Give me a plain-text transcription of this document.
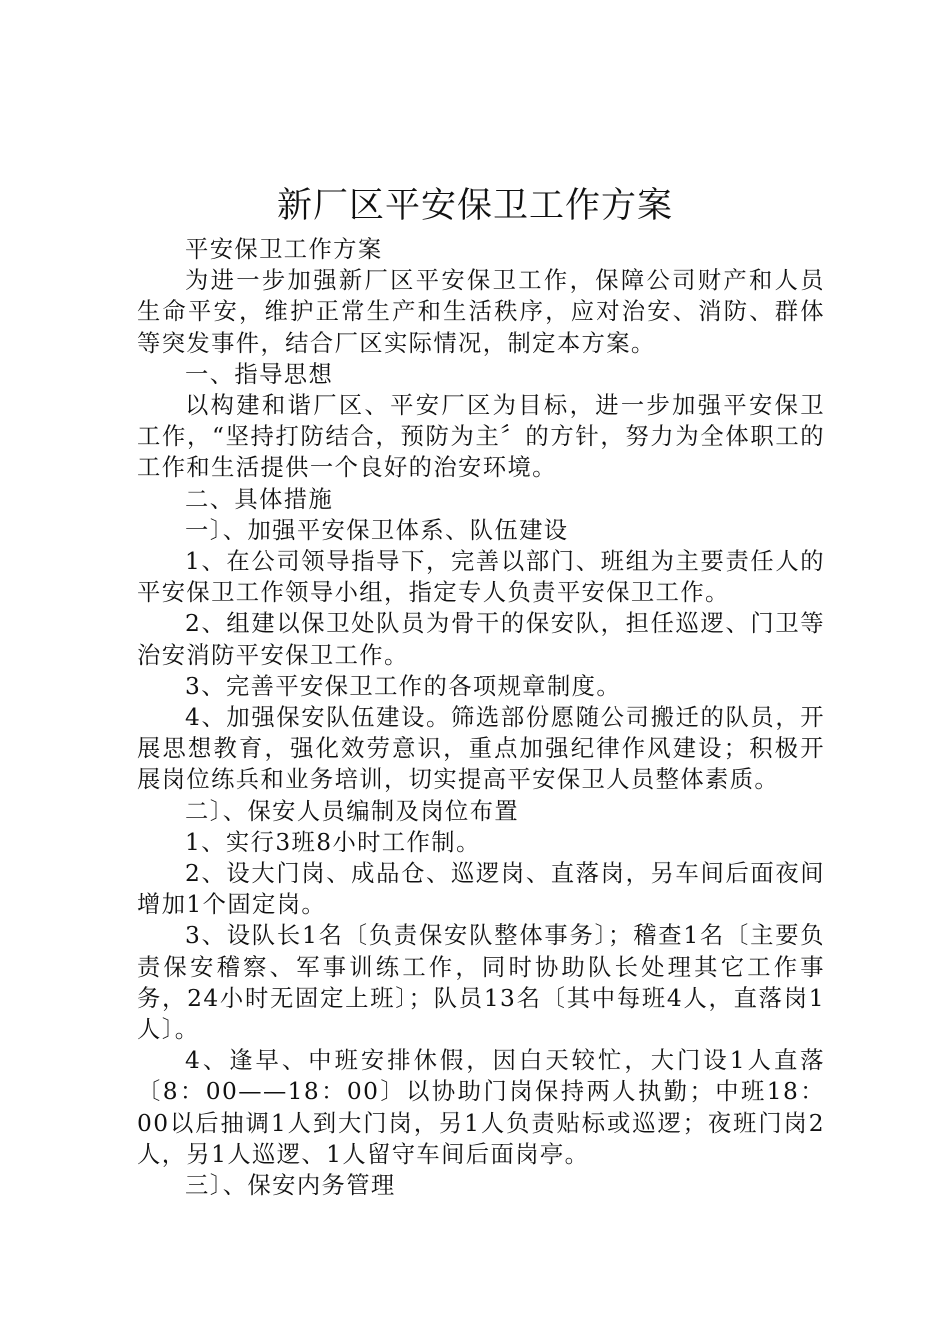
新厂区平安保卫工作方案

平安保卫工作方案

为进一步加强新厂区平安保卫工作，保障公司财产和人员生命平安，维护正常生产和生活秩序，应对治安、消防、群体等突发事件，结合厂区实际情况，制定本方案。

一、指导思想

以构建和谐厂区、平安厂区为目标，进一步加强平安保卫工作，“坚持打防结合，预防为主〞的方针，努力为全体职工的工作和生活提供一个良好的治安环境。

二、具体措施

一〕、加强平安保卫体系、队伍建设

1、在公司领导指导下，完善以部门、班组为主要责任人的平安保卫工作领导小组，指定专人负责平安保卫工作。

2、组建以保卫处队员为骨干的保安队，担任巡逻、门卫等治安消防平安保卫工作。

3、完善平安保卫工作的各项规章制度。

4、加强保安队伍建设。筛选部份愿随公司搬迁的队员，开展思想教育，强化效劳意识，重点加强纪律作风建设；积极开展岗位练兵和业务培训，切实提高平安保卫人员整体素质。

二〕、保安人员编制及岗位布置

1、实行3班8小时工作制。

2、设大门岗、成品仓、巡逻岗、直落岗，另车间后面夜间增加1个固定岗。

3、设队长1名〔负责保安队整体事务〕；稽查1名〔主要负责保安稽察、军事训练工作，同时协助队长处理其它工作事务，24小时无固定上班〕；队员13名〔其中每班4人，直落岗1人〕。

4、逢早、中班安排休假，因白天较忙，大门设1人直落〔8：00——18：00〕以协助门岗保持两人执勤；中班18：00以后抽调1人到大门岗，另1人负责贴标或巡逻；夜班门岗2人，另1人巡逻、1人留守车间后面岗亭。

三〕、保安内务管理
